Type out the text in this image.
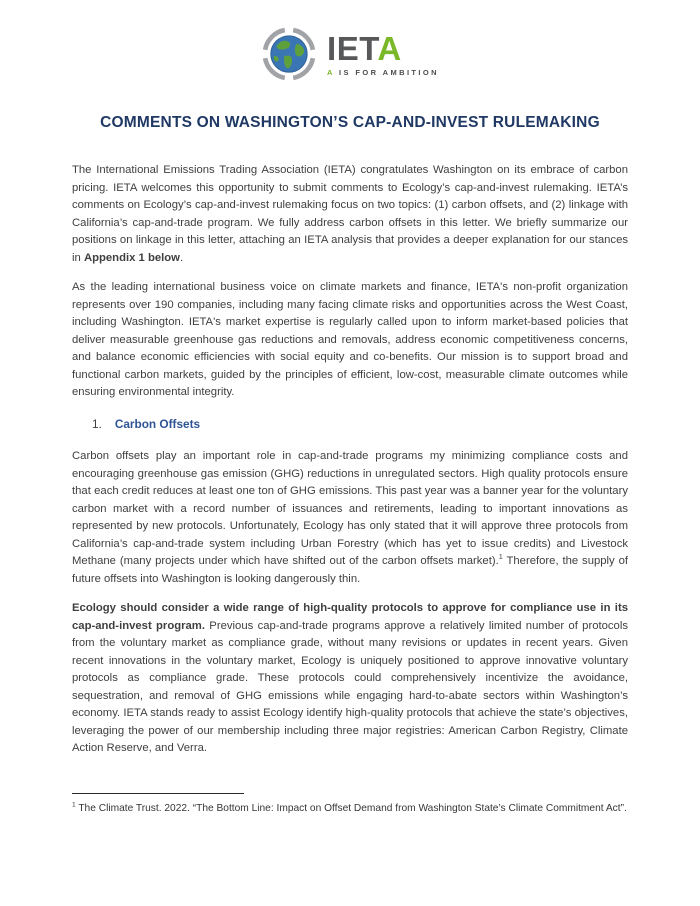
IETA
A IS FOR AMBITION
COMMENTS ON WASHINGTON’S CAP-AND-INVEST RULEMAKING

The International Emissions Trading Association (IETA) congratulates Washington on its embrace of carbon pricing. IETA welcomes this opportunity to submit comments to Ecology’s cap-and-invest rulemaking. IETA’s comments on Ecology’s cap-and-invest rulemaking focus on two topics: (1) carbon offsets, and (2) linkage with California’s cap-and-trade program. We fully address carbon offsets in this letter. We briefly summarize our positions on linkage in this letter, attaching an IETA analysis that provides a deeper explanation for our stances in Appendix 1 below.

As the leading international business voice on climate markets and finance, IETA's non-profit organization represents over 190 companies, including many facing climate risks and opportunities across the West Coast, including Washington. IETA's market expertise is regularly called upon to inform market-based policies that deliver measurable greenhouse gas reductions and removals, address economic competitiveness concerns, and balance economic efficiencies with social equity and co-benefits. Our mission is to support broad and functional carbon markets, guided by the principles of efficient, low-cost, measurable climate outcomes while ensuring environmental integrity.

1. Carbon Offsets

Carbon offsets play an important role in cap-and-trade programs my minimizing compliance costs and encouraging greenhouse gas emission (GHG) reductions in unregulated sectors. High quality protocols ensure that each credit reduces at least one ton of GHG emissions. This past year was a banner year for the voluntary carbon market with a record number of issuances and retirements, leading to important innovations as represented by new protocols. Unfortunately, Ecology has only stated that it will approve three protocols from California’s cap-and-trade system including Urban Forestry (which has yet to issue credits) and Livestock Methane (many projects under which have shifted out of the carbon offsets market).$^1$ Therefore, the supply of future offsets into Washington is looking dangerously thin.

Ecology should consider a wide range of high-quality protocols to approve for compliance use in its cap-and-invest program. Previous cap-and-trade programs approve a relatively limited number of protocols from the voluntary market as compliance grade, without many revisions or updates in recent years. Given recent innovations in the voluntary market, Ecology is uniquely positioned to approve innovative voluntary protocols as compliance grade. These protocols could comprehensively incentivize the avoidance, sequestration, and removal of GHG emissions while engaging hard-to-abate sectors within Washington’s economy. IETA stands ready to assist Ecology identify high-quality protocols that achieve the state’s objectives, leveraging the power of our membership including three major registries: American Carbon Registry, Climate Action Reserve, and Verra.

$^1$ The Climate Trust. 2022. “The Bottom Line: Impact on Offset Demand from Washington State’s Climate Commitment Act”.
